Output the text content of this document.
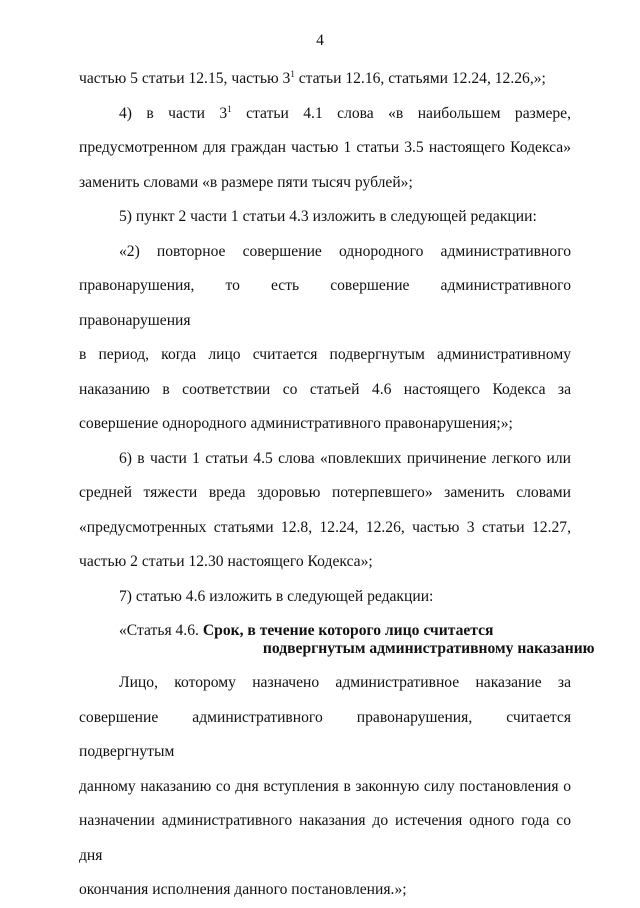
4

частью 5 статьи 12.15, частью $3^1$ статьи 12.16, статьями 12.24, 12.26,»;

4) в части $3^1$ статьи 4.1 слова «в наибольшем размере,

предусмотренном для граждан частью 1 статьи 3.5 настоящего Кодекса»

заменить словами «в размере пяти тысяч рублей»;

5) пункт 2 части 1 статьи 4.3 изложить в следующей редакции:

«2) повторное совершение однородного административного

правонарушения, то есть совершение административного правонарушения

в период, когда лицо считается подвергнутым административному

наказанию в соответствии со статьей 4.6 настоящего Кодекса за

совершение однородного административного правонарушения;»;

6) в части 1 статьи 4.5 слова «повлекших причинение легкого или

средней тяжести вреда здоровью потерпевшего» заменить словами

«предусмотренных статьями 12.8, 12.24, 12.26, частью 3 статьи 12.27,

частью 2 статьи 12.30 настоящего Кодекса»;

7) статью 4.6 изложить в следующей редакции:

«Статья 4.6. Срок, в течение которого лицо считается
подвергнутым административному наказанию

Лицо, которому назначено административное наказание за

совершение административного правонарушения, считается подвергнутым

данному наказанию со дня вступления в законную силу постановления о

назначении административного наказания до истечения одного года со дня

окончания исполнения данного постановления.»;
